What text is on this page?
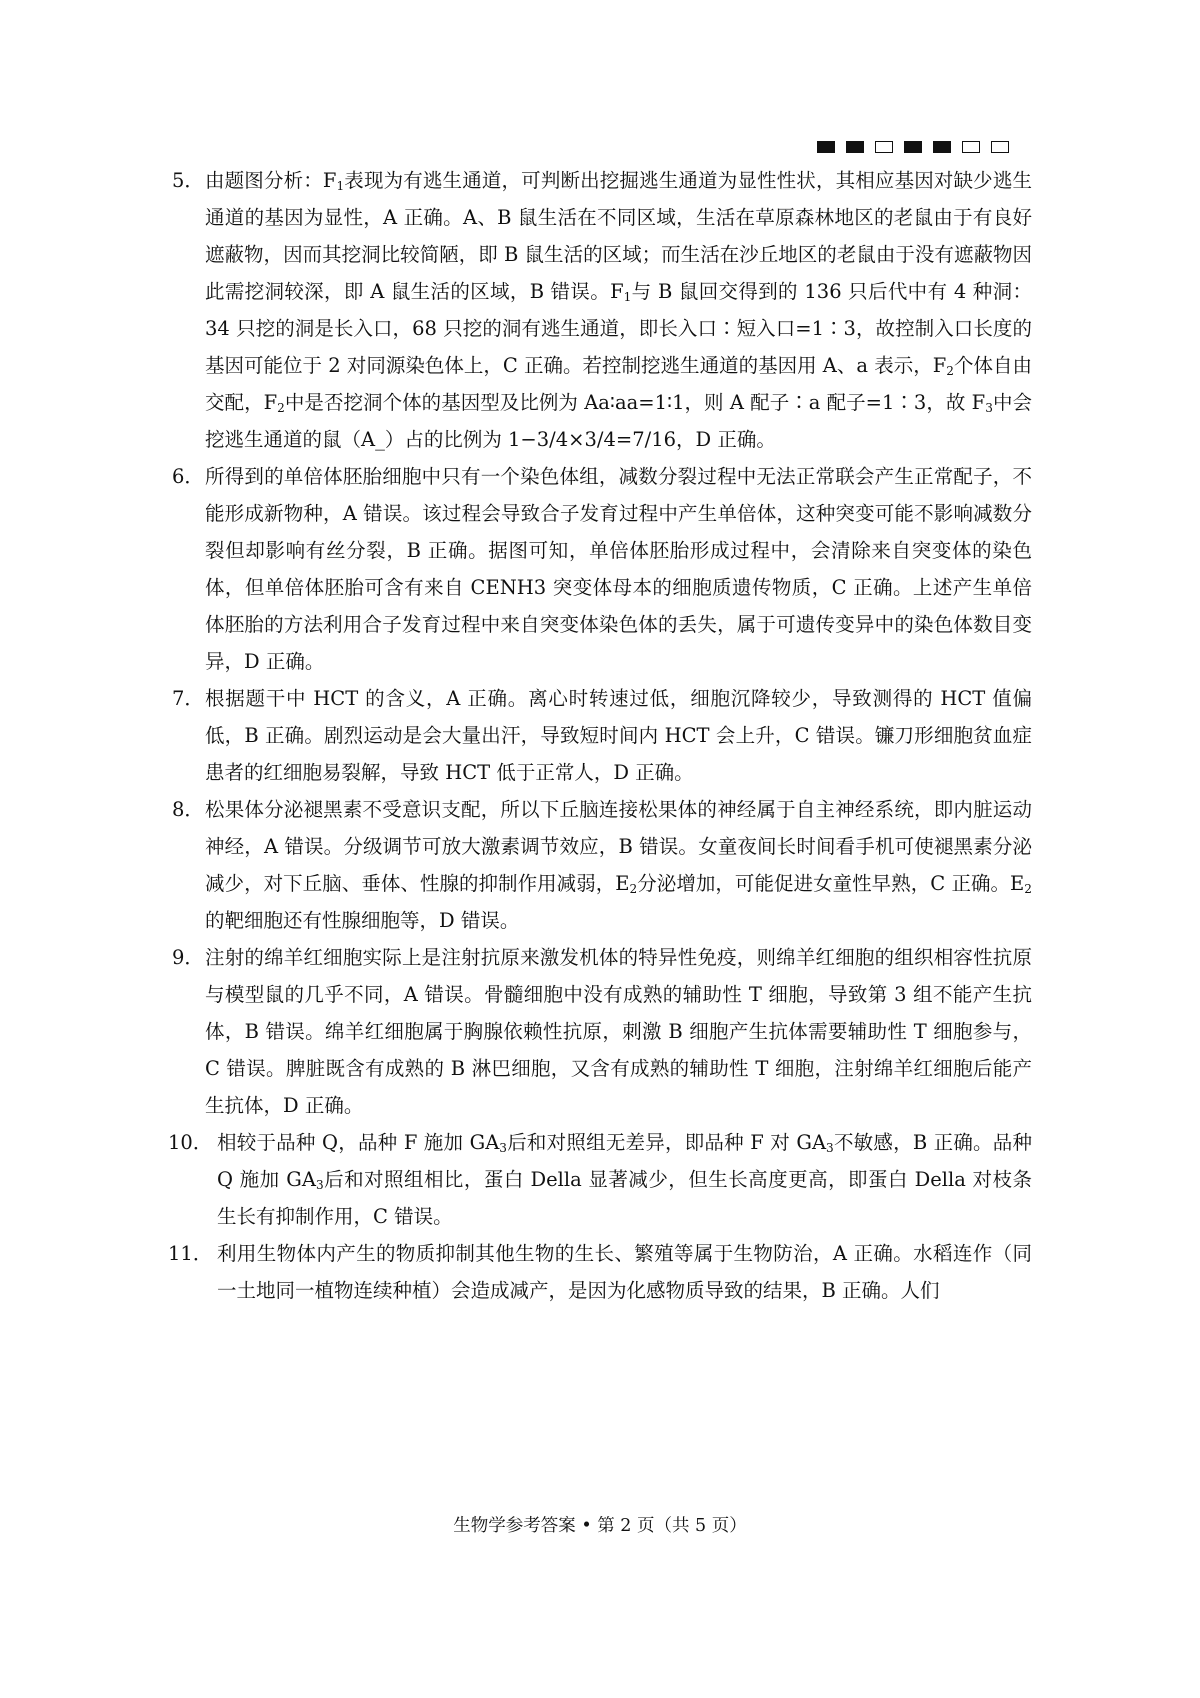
5． 由题图分析：$F_1$表现为有逃生通道，可判断出挖掘逃生通道为显性性状，其相应基因对缺少逃生通道的基因为显性，A 正确。A、B 鼠生活在不同区域，生活在草原森林地区的老鼠由于有良好遮蔽物，因而其挖洞比较简陋，即 B 鼠生活的区域；而生活在沙丘地区的老鼠由于没有遮蔽物因此需挖洞较深，即 A 鼠生活的区域，B 错误。$F_1$与 B 鼠回交得到的 136 只后代中有 4 种洞：34 只挖的洞是长入口，68 只挖的洞有逃生通道，即长入口∶短入口=1∶3，故控制入口长度的基因可能位于 2 对同源染色体上，C 正确。若控制挖逃生通道的基因用 A、a 表示，$F_2$个体自由交配，$F_2$中是否挖洞个体的基因型及比例为 Aa∶aa=1∶1，则 A 配子∶a 配子=1∶3，故 $F_3$中会挖逃生通道的鼠（A_）占的比例为 1−3/4×3/4=7/16，D 正确。
6． 所得到的单倍体胚胎细胞中只有一个染色体组，减数分裂过程中无法正常联会产生正常配子，不能形成新物种，A 错误。该过程会导致合子发育过程中产生单倍体，这种突变可能不影响减数分裂但却影响有丝分裂，B 正确。据图可知，单倍体胚胎形成过程中，会清除来自突变体的染色体，但单倍体胚胎可含有来自 CENH3 突变体母本的细胞质遗传物质，C 正确。上述产生单倍体胚胎的方法利用合子发育过程中来自突变体染色体的丢失，属于可遗传变异中的染色体数目变异，D 正确。
7． 根据题干中 HCT 的含义，A 正确。离心时转速过低，细胞沉降较少，导致测得的 HCT 值偏低，B 正确。剧烈运动是会大量出汗，导致短时间内 HCT 会上升，C 错误。镰刀形细胞贫血症患者的红细胞易裂解，导致 HCT 低于正常人，D 正确。
8． 松果体分泌褪黑素不受意识支配，所以下丘脑连接松果体的神经属于自主神经系统，即内脏运动神经，A 错误。分级调节可放大激素调节效应，B 错误。女童夜间长时间看手机可使褪黑素分泌减少，对下丘脑、垂体、性腺的抑制作用减弱，$E_2$分泌增加，可能促进女童性早熟，C 正确。$E_2$的靶细胞还有性腺细胞等，D 错误。
9． 注射的绵羊红细胞实际上是注射抗原来激发机体的特异性免疫，则绵羊红细胞的组织相容性抗原与模型鼠的几乎不同，A 错误。骨髓细胞中没有成熟的辅助性 T 细胞，导致第 3 组不能产生抗体，B 错误。绵羊红细胞属于胸腺依赖性抗原，刺激 B 细胞产生抗体需要辅助性 T 细胞参与，C 错误。脾脏既含有成熟的 B 淋巴细胞，又含有成熟的辅助性 T 细胞，注射绵羊红细胞后能产生抗体，D 正确。
10． 相较于品种 Q，品种 F 施加 $GA_3$后和对照组无差异，即品种 F 对 $GA_3$不敏感，B 正确。品种 Q 施加 $GA_3$后和对照组相比，蛋白 Della 显著减少，但生长高度更高，即蛋白 Della 对枝条生长有抑制作用，C 错误。
11． 利用生物体内产生的物质抑制其他生物的生长、繁殖等属于生物防治，A 正确。水稻连作（同一土地同一植物连续种植）会造成减产，是因为化感物质导致的结果，B 正确。人们
生物学参考答案 • 第 2 页（共 5 页）
